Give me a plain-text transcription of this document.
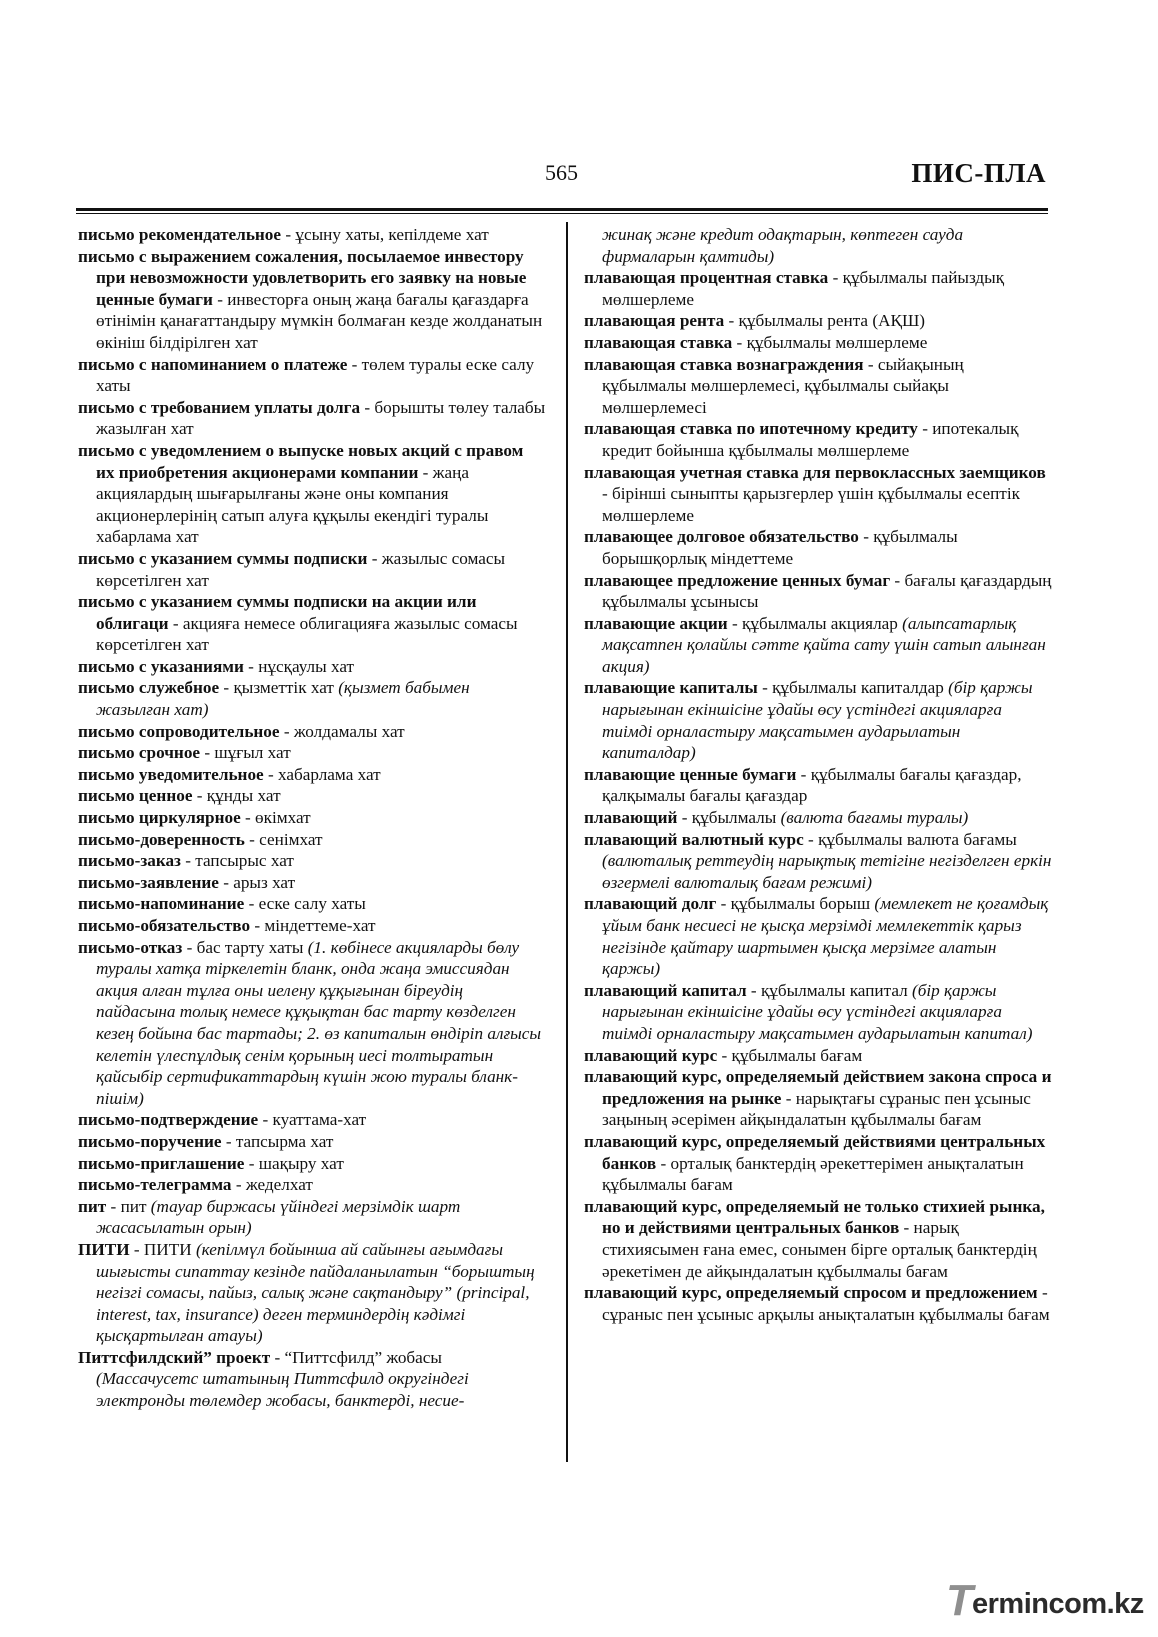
565	ПИС-ПЛА

письмо рекомендательное - ұсыну хаты, кепілдеме хат

письмо с выражением сожаления, посылаемое инвестору при невозможности удовлетворить его заявку на новые ценные бумаги - инвесторға оның жаңа бағалы қағаздарға өтінімін қанағаттандыру мүмкін болмаған кезде жолданатын өкініш білдірілген хат

письмо с напоминанием о платеже - төлем туралы еске салу хаты

письмо с требованием уплаты долга - борышты төлеу талабы жазылған хат

письмо с уведомлением о выпуске новых акций с правом их приобретения акционерами компании - жаңа акциялардың шығарылғаны және оны компания акционерлерінің сатып алуға құқылы екендігі туралы хабарлама хат

письмо с указанием суммы подписки - жазылыс сомасы көрсетілген хат

письмо с указанием суммы подписки на акции или облигаци - акцияға немесе облигацияға жазылыс сомасы көрсетілген хат

письмо с указаниями - нұсқаулы хат

письмо служебное - қызметтік хат (қызмет бабымен жазылған хат)

письмо сопроводительное - жолдамалы хат

письмо срочное - шұғыл хат

письмо уведомительное - хабарлама хат

письмо ценное - құнды хат

письмо циркулярное - өкімхат

письмо-доверенность - сенімхат

письмо-заказ - тапсырыс хат

письмо-заявление - арыз хат

письмо-напоминание - еске салу хаты

письмо-обязательство - міндеттеме-хат

письмо-отказ - бас тарту хаты (1. көбінесе акцияларды бөлу туралы хатқа тіркелетін бланк, онда жаңа эмиссиядан акция алған тұлға оны иелену құқығынан біреудің пайдасына толық немесе құқықтан бас тарту көзделген кезең бойына бас тартады; 2. өз капиталын өндіріп алғысы келетін үлеспұлдық сенім қорының иесі толтыратын қайсыбір сертификаттардың күшін жою туралы бланк-пішім)

письмо-подтверждение - куаттама-хат

письмо-поручение - тапсырма хат

письмо-приглашение - шақыру хат

письмо-телеграмма - жеделхат

пит - пит (тауар биржасы үйіндегі мерзімдік шарт жасасылатын орын)

ПИТИ - ПИТИ (кепілмүл бойынша ай сайынғы ағымдағы шығысты сипаттау кезінде пайдаланылатын “борыштың негізгі сомасы, пайыз, салық және сақтандыру” (principal, interest, tax, insurance) деген терминдердің кәдімгі қысқартылған атауы)

Питтсфилдский” проект - “Питтсфилд” жобасы (Массачусетс штатының Питтсфилд округіндегі электронды төлемдер жобасы, банктерді, несие-

жинақ және кредит одақтарын, көптеген сауда фирмаларын қамтиды)

плавающая процентная ставка - құбылмалы пайыздық мөлшерлеме

плавающая рента - құбылмалы рента (АҚШ)

плавающая ставка - құбылмалы мөлшерлеме

плавающая ставка вознаграждения - сыйақының құбылмалы мөлшерлемесі, құбылмалы сыйақы мөлшерлемесі

плавающая ставка по ипотечному кредиту - ипотекалық кредит бойынша құбылмалы мөлшерлеме

плавающая учетная ставка для первоклассных заемщиков - бірінші сыныпты қарызгерлер үшін құбылмалы есептік мөлшерлеме

плавающее долговое обязательство - құбылмалы борышқорлық міндеттеме

плавающее предложение ценных бумаг - бағалы қағаздардың құбылмалы ұсынысы

плавающие акции - құбылмалы акциялар (алыпсатарлық мақсатпен қолайлы сәтте қайта сату үшін сатып алынған акция)

плавающие капиталы - құбылмалы капиталдар (бір қаржы нарығынан екіншісіне ұдайы өсу үстіндегі акцияларға тиімді орналастыру мақсатымен аударылатын капиталдар)

плавающие ценные бумаги - құбылмалы бағалы қағаздар, қалқымалы бағалы қағаздар

плавающий - құбылмалы (валюта бағамы туралы)

плавающий валютный курс - құбылмалы валюта бағамы (валюталық реттеудің нарықтық тетігіне негізделген еркін өзгермелі валюталық бағам режимі)

плавающий долг - құбылмалы борыш (мемлекет не қоғамдық ұйым банк несиесі не қысқа мерзімді мемлекеттік қарыз негізінде қайтару шартымен қысқа мерзімге алатын қаржы)

плавающий капитал - құбылмалы капитал (бір қаржы нарығынан екіншісіне ұдайы өсу үстіндегі акцияларға тиімді орналастыру мақсатымен аударылатын капитал)

плавающий курс - құбылмалы бағам

плавающий курс, определяемый действием закона спроса и предложения на рынке - нарықтағы сұраныс пен ұсыныс заңының әсерімен айқындалатын құбылмалы бағам

плавающий курс, определяемый действиями центральных банков - орталық банктердің әрекеттерімен анықталатын құбылмалы бағам

плавающий курс, определяемый не только стихией рынка, но и действиями центральных банков - нарық стихиясымен ғана емес, сонымен бірге орталық банктердің әрекетімен де айқындалатын құбылмалы бағам

плавающий курс, определяемый спросом и предложением - сұраныс пен ұсыныс арқылы анықталатын құбылмалы бағам

T ermincom.kz
